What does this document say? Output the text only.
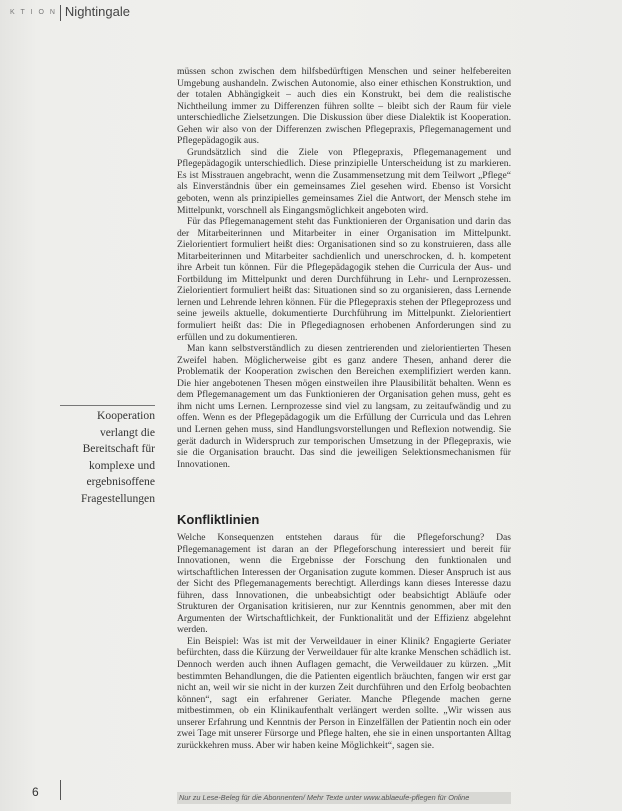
K T I O N Nightingale

müssen schon zwischen dem hilfsbedürftigen Menschen und seiner helfebereiten Umgebung aushandeln. Zwischen Autonomie, also einer ethischen Konstruktion, und der totalen Abhängigkeit – auch dies ein Konstrukt, bei dem die realistische Nichtheilung immer zu Differenzen führen sollte – bleibt sich der Raum für viele unterschiedliche Zielsetzungen. Die Diskussion über diese Dialektik ist Kooperation. Gehen wir also von der Differenzen zwischen Pflegepraxis, Pflegemanagement und Pflegepädagogik aus.

Grundsätzlich sind die Ziele von Pflegepraxis, Pflegemanagement und Pflegepädagogik unterschiedlich. Diese prinzipielle Unterscheidung ist zu markieren. Es ist Misstrauen angebracht, wenn die Zusammensetzung mit dem Teilwort „Pflege“ als Einverständnis über ein gemeinsames Ziel gesehen wird. Ebenso ist Vorsicht geboten, wenn als prinzipielles gemeinsames Ziel die Antwort, der Mensch stehe im Mittelpunkt, vorschnell als Eingangsmöglichkeit angeboten wird.

Für das Pflegemanagement steht das Funktionieren der Organisation und darin das der Mitarbeiterinnen und Mitarbeiter in einer Organisation im Mittelpunkt. Zielorientiert formuliert heißt dies: Organisationen sind so zu konstruieren, dass alle Mitarbeiterinnen und Mitarbeiter sachdienlich und unerschrocken, d. h. kompetent ihre Arbeit tun können. Für die Pflegepädagogik stehen die Curricula der Aus- und Fortbildung im Mittelpunkt und deren Durchführung in Lehr- und Lernprozessen. Zielorientiert formuliert heißt das: Situationen sind so zu organisieren, dass Lernende lernen und Lehrende lehren können. Für die Pflegepraxis stehen der Pflegeprozess und seine jeweils aktuelle, dokumentierte Durchführung im Mittelpunkt. Zielorientiert formuliert heißt das: Die in Pflegediagnosen erhobenen Anforderungen sind zu erfüllen und zu dokumentieren.

Man kann selbstverständlich zu diesen zentrierenden und zielorientierten Thesen Zweifel haben. Möglicherweise gibt es ganz andere Thesen, anhand derer die Problematik der Kooperation zwischen den Bereichen exemplifiziert werden kann. Die hier angebotenen Thesen mögen einstweilen ihre Plausibilität behalten. Wenn es dem Pflegemanagement um das Funktionieren der Organisation gehen muss, geht es ihm nicht ums Lernen. Lernprozesse sind viel zu langsam, zu zeitaufwändig und zu offen. Wenn es der Pflegepädagogik um die Erfüllung der Curricula und das Lehren und Lernen gehen muss, sind Handlungsvorstellungen und Reflexion notwendig. Sie gerät dadurch in Widerspruch zur temporischen Umsetzung in der Pflegepraxis, wie sie die Organisation braucht. Das sind die jeweiligen Selektionsmechanismen für Innovationen.

Kooperation
verlangt die
Bereitschaft für
komplexe und
ergebnisoffene
Fragestellungen
Konfliktlinien

Welche Konsequenzen entstehen daraus für die Pflegeforschung? Das Pflegemanagement ist daran an der Pflegeforschung interessiert und bereit für Innovationen, wenn die Ergebnisse der Forschung den funktionalen und wirtschaftlichen Interessen der Organisation zugute kommen. Dieser Anspruch ist aus der Sicht des Pflegemanagements berechtigt. Allerdings kann dieses Interesse dazu führen, dass Innovationen, die unbeabsichtigt oder beabsichtigt Abläufe oder Strukturen der Organisation kritisieren, nur zur Kenntnis genommen, aber mit den Argumenten der Wirtschaftlichkeit, der Funktionalität und der Effizienz abgelehnt werden.

Ein Beispiel: Was ist mit der Verweildauer in einer Klinik? Engagierte Geriater befürchten, dass die Kürzung der Verweildauer für alte kranke Menschen schädlich ist. Dennoch werden auch ihnen Auflagen gemacht, die Verweildauer zu kürzen. „Mit bestimmten Behandlungen, die die Patienten eigentlich bräuchten, fangen wir erst gar nicht an, weil wir sie nicht in der kurzen Zeit durchführen und den Erfolg beobachten können“, sagt ein erfahrener Geriater. Manche Pflegende machen gerne mitbestimmen, ob ein Klinikaufenthalt verlängert werden sollte. „Wir wissen aus unserer Erfahrung und Kenntnis der Person in Einzelfällen der Patientin noch ein oder zwei Tage mit unserer Fürsorge und Pflege halten, ehe sie in einen unsportanten Alltag zurückkehren muss. Aber wir haben keine Möglichkeit“, sagen sie.

6	Nur zu Lese-Beleg für die Abonnenten/ Mehr Texte unter www.ablaeufe-pflegen für Online
